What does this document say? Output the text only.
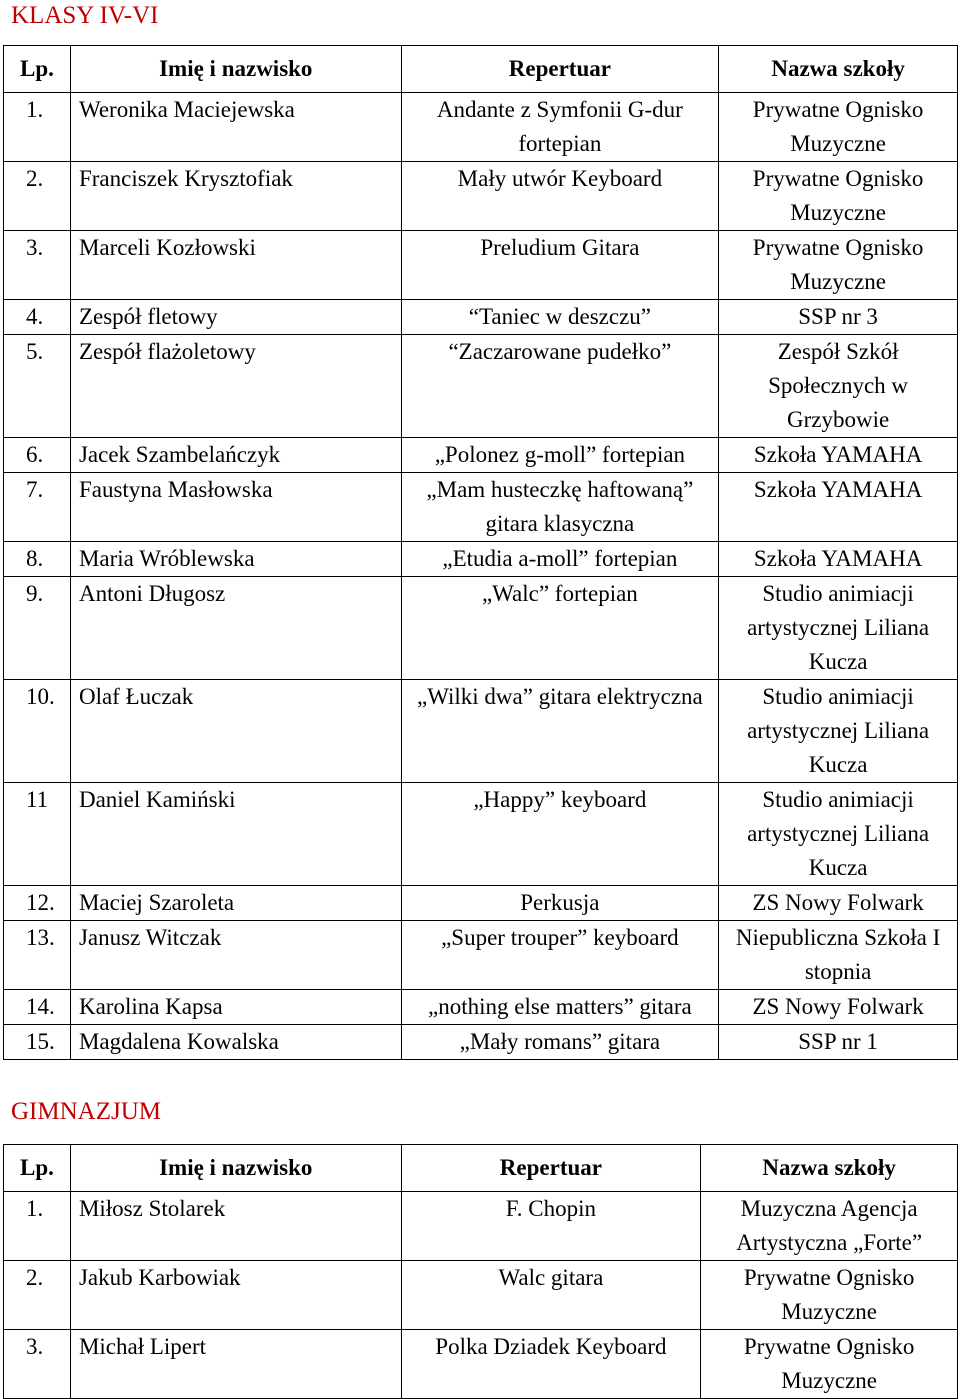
KLASY IV-VI
Lp.	Imię i nazwisko	Repertuar	Nazwa szkoły
1.	Weronika Maciejewska	Andante z Symfonii G-dur fortepian	Prywatne Ognisko Muzyczne
2.	Franciszek Krysztofiak	Mały utwór Keyboard	Prywatne Ognisko Muzyczne
3.	Marceli Kozłowski	Preludium Gitara	Prywatne Ognisko Muzyczne
4.	Zespół fletowy	“Taniec w deszczu”	SSP nr 3
5.	Zespół flażoletowy	“Zaczarowane pudełko”	Zespół Szkół Społecznych w Grzybowie
6.	Jacek Szambelańczyk	„Polonez g-moll” fortepian	Szkoła YAMAHA
7.	Faustyna Masłowska	„Mam husteczkę haftowaną” gitara klasyczna	Szkoła YAMAHA
8.	Maria Wróblewska	„Etudia a-moll” fortepian	Szkoła YAMAHA
9.	Antoni Długosz	„Walc” fortepian	Studio animiacji artystycznej Liliana Kucza
10.	Olaf Łuczak	„Wilki dwa” gitara elektryczna	Studio animiacji artystycznej Liliana Kucza
11	Daniel Kamiński	„Happy” keyboard	Studio animiacji artystycznej Liliana Kucza
12.	Maciej Szaroleta	Perkusja	ZS Nowy Folwark
13.	Janusz Witczak	„Super trouper” keyboard	Niepubliczna Szkoła I stopnia
14.	Karolina Kapsa	„nothing else matters” gitara	ZS Nowy Folwark
15.	Magdalena Kowalska	„Mały romans” gitara	SSP nr 1
GIMNAZJUM
Lp.	Imię i nazwisko	Repertuar	Nazwa szkoły
1.	Miłosz Stolarek	F. Chopin	Muzyczna Agencja Artystyczna „Forte”
2.	Jakub Karbowiak	Walc gitara	Prywatne Ognisko Muzyczne
3.	Michał Lipert	Polka Dziadek Keyboard	Prywatne Ognisko Muzyczne
